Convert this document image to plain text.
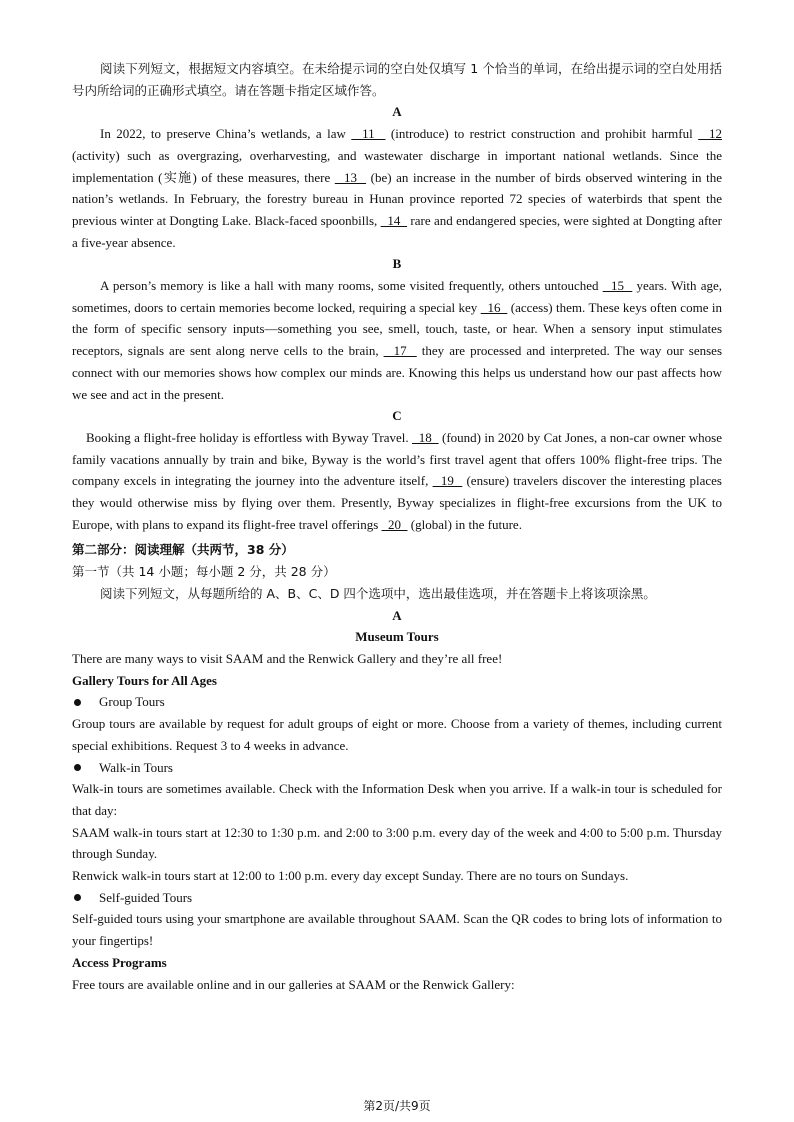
阅读下列短文，根据短文内容填空。在未给提示词的空白处仅填写 1 个恰当的单词，在给出提示词的空白处用括号内所给词的正确形式填空。请在答题卡指定区域作答。

A

In 2022, to preserve China’s wetlands, a law   11   (introduce) to restrict construction and prohibit harmful   12 (activity) such as overgrazing, overharvesting, and wastewater discharge in important national wetlands. Since the implementation (实施) of these measures, there   13   (be) an increase in the number of birds observed wintering in the nation’s wetlands. In February, the forestry bureau in Hunan province reported 72 species of waterbirds that spent the previous winter at Dongting Lake. Black-faced spoonbills,   14   rare and endangered species, were sighted at Dongting after a five-year absence.

B

A person’s memory is like a hall with many rooms, some visited frequently, others untouched   15   years. With age, sometimes, doors to certain memories become locked, requiring a special key   16   (access) them. These keys often come in the form of specific sensory inputs—something you see, smell, touch, taste, or hear. When a sensory input stimulates receptors, signals are sent along nerve cells to the brain,   17   they are processed and interpreted. The way our senses connect with our memories shows how complex our minds are. Knowing this helps us understand how our past affects how we see and act in the present.

C

Booking a flight-free holiday is effortless with Byway Travel.   18   (found) in 2020 by Cat Jones, a non-car owner whose family vacations annually by train and bike, Byway is the world’s first travel agent that offers 100% flight-free trips. The company excels in integrating the journey into the adventure itself,   19   (ensure) travelers discover the interesting places they would otherwise miss by flying over them. Presently, Byway specializes in flight-free excursions from the UK to Europe, with plans to expand its flight-free travel offerings   20   (global) in the future.

第二部分：阅读理解（共两节，38 分）

第一节（共 14 小题；每小题 2 分，共 28 分）

阅读下列短文，从每题所给的 A、B、C、D 四个选项中，选出最佳选项，并在答题卡上将该项涂黑。

A

Museum Tours

There are many ways to visit SAAM and the Renwick Gallery and they’re all free!

Gallery Tours for All Ages

Group Tours

Group tours are available by request for adult groups of eight or more. Choose from a variety of themes, including current special exhibitions. Request 3 to 4 weeks in advance.

Walk-in Tours

Walk-in tours are sometimes available. Check with the Information Desk when you arrive. If a walk-in tour is scheduled for that day:

SAAM walk-in tours start at 12:30 to 1:30 p.m. and 2:00 to 3:00 p.m. every day of the week and 4:00 to 5:00 p.m. Thursday through Sunday.

Renwick walk-in tours start at 12:00 to 1:00 p.m. every day except Sunday. There are no tours on Sundays.

Self-guided Tours

Self-guided tours using your smartphone are available throughout SAAM. Scan the QR codes to bring lots of information to your fingertips!

Access Programs

Free tours are available online and in our galleries at SAAM or the Renwick Gallery:

第2页/共9页
